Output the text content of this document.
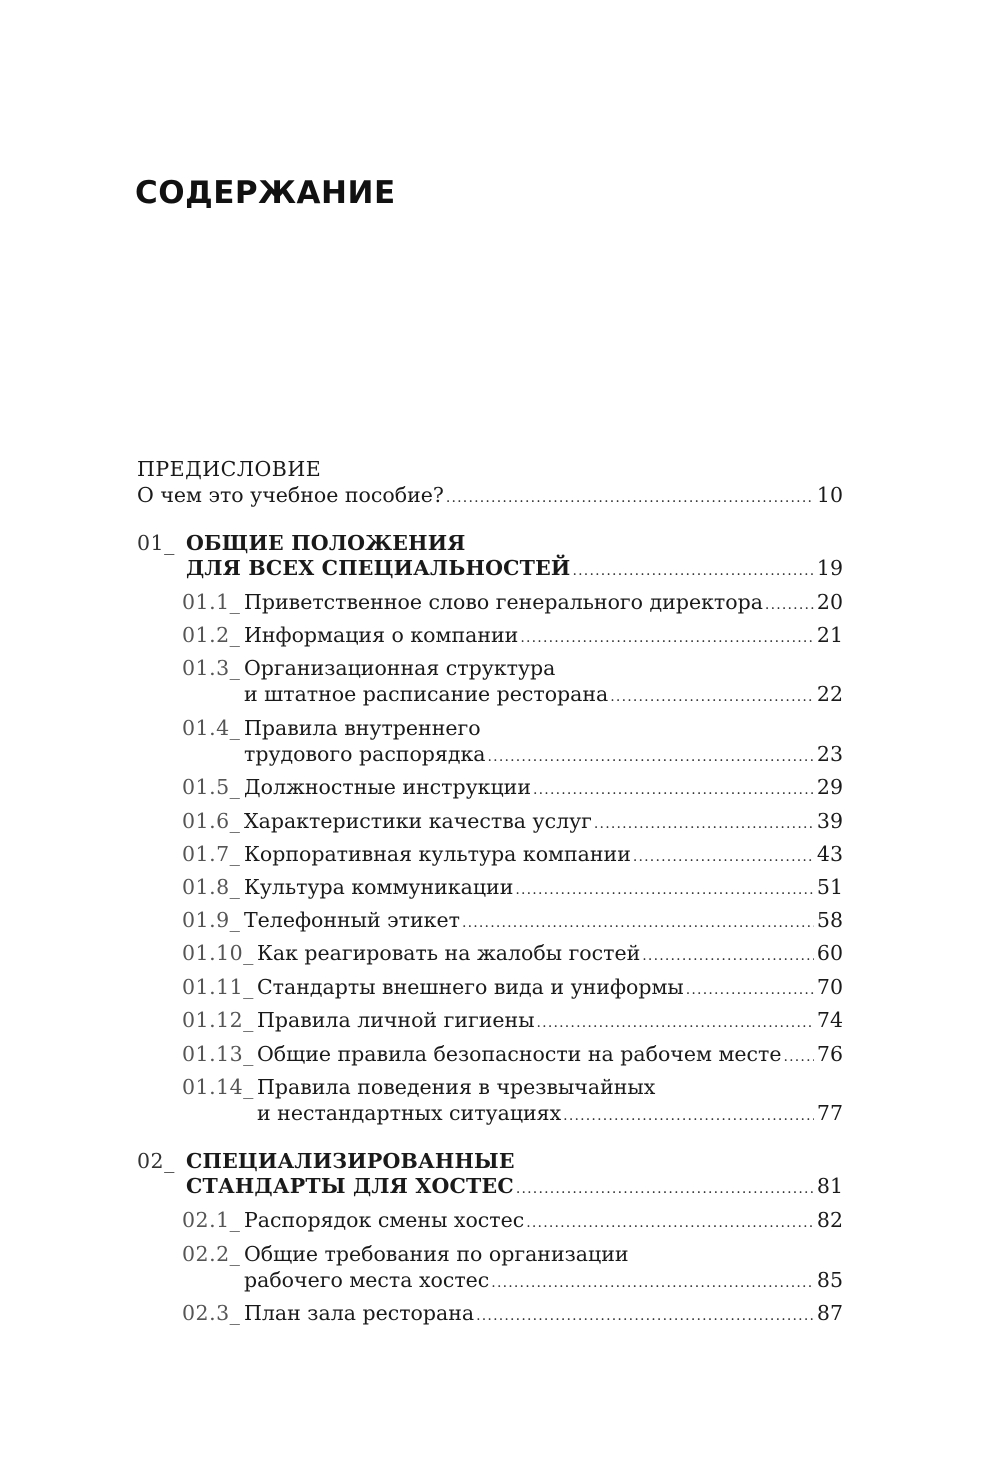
СОДЕРЖАНИЕ
ПРЕДИСЛОВИЕ
О чем это учебное пособие? .....	10
01_ ОБЩИЕ ПОЛОЖЕНИЯ
ДЛЯ ВСЕХ СПЕЦИАЛЬНОСТЕЙ .....	19
01.1_ Приветственное слово генерального директора .....	20
01.2_ Информация о компании .....	21
01.3_ Организационная структура
и штатное расписание ресторана .....	22
01.4_ Правила внутреннего
трудового распорядка .....	23
01.5_ Должностные инструкции .....	29
01.6_ Характеристики качества услуг .....	39
01.7_ Корпоративная культура компании .....	43
01.8_ Культура коммуникации .....	51
01.9_ Телефонный этикет .....	58
01.10_ Как реагировать на жалобы гостей .....	60
01.11_ Стандарты внешнего вида и униформы .....	70
01.12_ Правила личной гигиены .....	74
01.13_ Общие правила безопасности на рабочем месте ..... 76
01.14_ Правила поведения в чрезвычайных
и нестандартных ситуациях .....	77
02_ СПЕЦИАЛИЗИРОВАННЫЕ
СТАНДАРТЫ ДЛЯ ХОСТЕС .....	81
02.1_ Распорядок смены хостес .....	82
02.2_ Общие требования по организации
рабочего места хостес .....	85
02.3_ План зала ресторана .....	87
